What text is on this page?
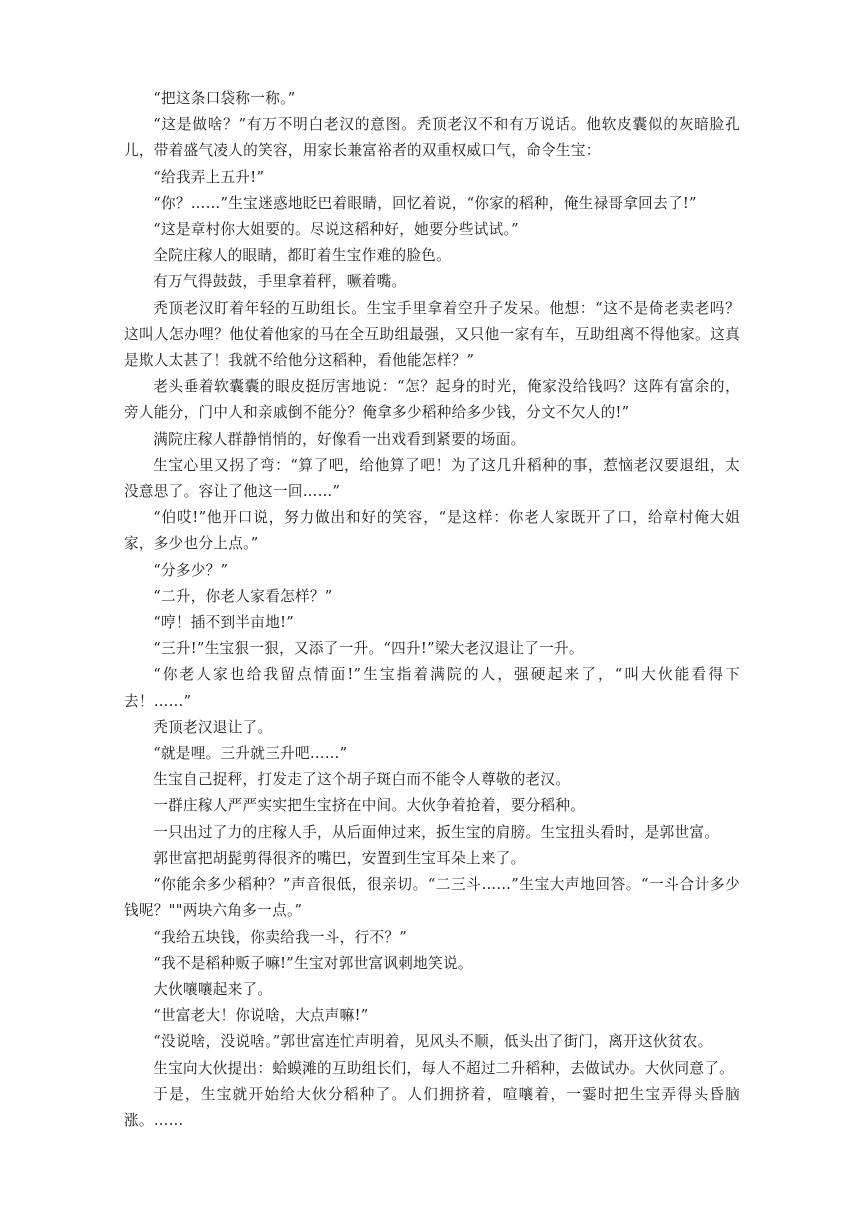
“把这条口袋称一称。”

“这是做啥？”有万不明白老汉的意图。秃顶老汉不和有万说话。他软皮囊似的灰暗脸孔儿，带着盛气凌人的笑容，用家长兼富裕者的双重权威口气，命令生宝：

“给我弄上五升!”

“你？……”生宝迷惑地眨巴着眼睛，回忆着说，“你家的稻种，俺生禄哥拿回去了!”

“这是章村你大姐要的。尽说这稻种好，她要分些试试。”

全院庄稼人的眼睛，都盯着生宝作难的脸色。

有万气得鼓鼓，手里拿着秤，噘着嘴。

秃顶老汉盯着年轻的互助组长。生宝手里拿着空升子发呆。他想：“这不是倚老卖老吗？这叫人怎办哩？他仗着他家的马在全互助组最强，又只他一家有车，互助组离不得他家。这真是欺人太甚了！我就不给他分这稻种，看他能怎样？”

老头垂着软囊囊的眼皮挺厉害地说：“怎？起身的时光，俺家没给钱吗？这阵有富余的，旁人能分，门中人和亲戚倒不能分？俺拿多少稻种给多少钱，分文不欠人的!”

满院庄稼人群静悄悄的，好像看一出戏看到紧要的场面。

生宝心里又拐了弯：“算了吧，给他算了吧！为了这几升稻种的事，惹恼老汉要退组，太没意思了。容让了他这一回……”

“伯哎!”他开口说，努力做出和好的笑容，“是这样：你老人家既开了口，给章村俺大姐家，多少也分上点。”

“分多少？”

“二升，你老人家看怎样？”

“哼！插不到半亩地!”

“三升!”生宝狠一狠，又添了一升。“四升!”梁大老汉退让了一升。

“你老人家也给我留点情面!”生宝指着满院的人，强硬起来了，“叫大伙能看得下去！……”

秃顶老汉退让了。

“就是哩。三升就三升吧……”

生宝自己捉秤，打发走了这个胡子斑白而不能令人尊敬的老汉。

一群庄稼人严严实实把生宝挤在中间。大伙争着抢着，要分稻种。

一只出过了力的庄稼人手，从后面伸过来，扳生宝的肩膀。生宝扭头看时，是郭世富。

郭世富把胡髭剪得很齐的嘴巴，安置到生宝耳朵上来了。

“你能余多少稻种？”声音很低，很亲切。“二三斗……”生宝大声地回答。“一斗合计多少钱呢？""两块六角多一点。”

“我给五块钱，你卖给我一斗，行不？”

“我不是稻种贩子嘛!”生宝对郭世富讽刺地笑说。

大伙嚷嚷起来了。

“世富老大！你说啥，大点声嘛!”

“没说啥，没说啥。”郭世富连忙声明着，见风头不顺，低头出了街门，离开这伙贫农。

生宝向大伙提出：蛤蟆滩的互助组长们，每人不超过二升稻种，去做试办。大伙同意了。

于是，生宝就开始给大伙分稻种了。人们拥挤着，喧嚷着，一霎时把生宝弄得头昏脑涨。……
